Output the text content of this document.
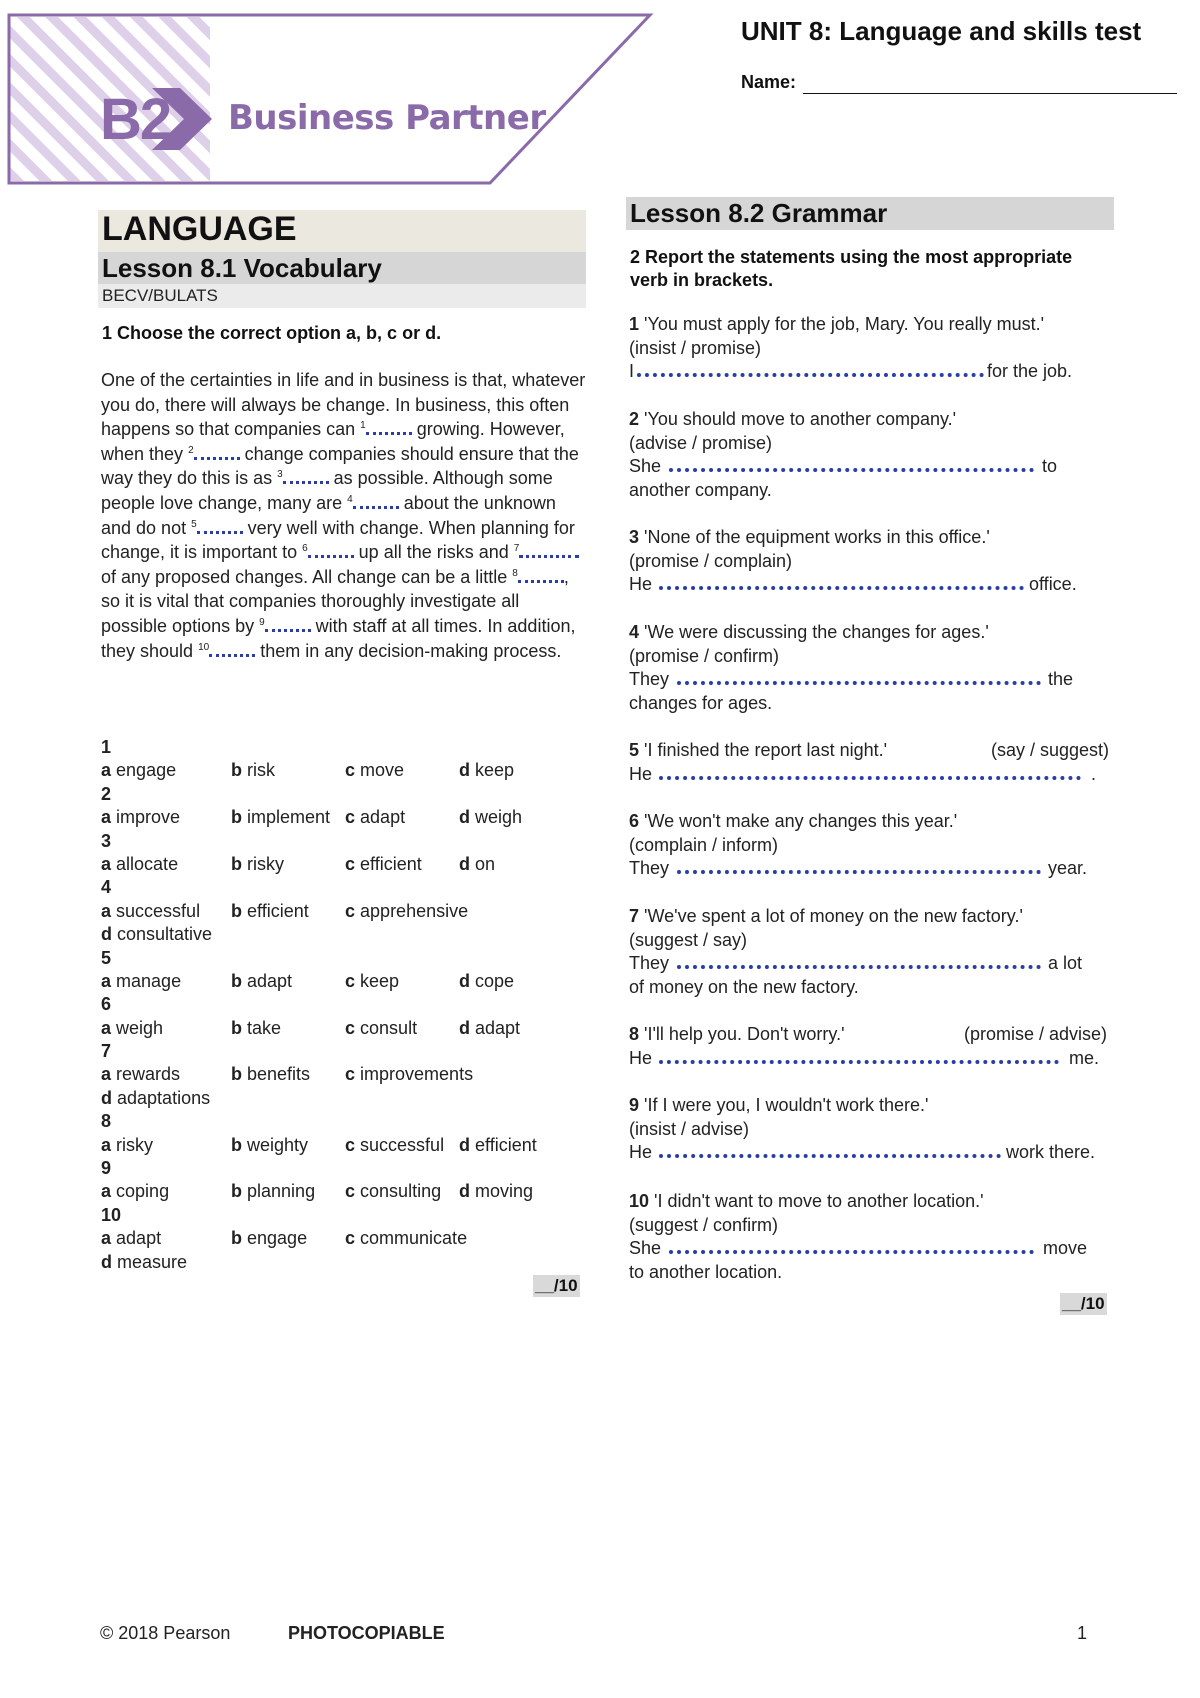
B2 Business Partner
UNIT 8: Language and skills test
Name:
LANGUAGE
Lesson 8.1 Vocabulary
BECV/BULATS
1 Choose the correct option a, b, c or d.
One of the certainties in life and in business is that, whatever you do, there will always be change. In business, this often happens so that companies can $^1$	growing. However, when they $^2$	change companies should ensure that the way they do this is as $^3$	as possible. Although some people love change, many are $^4$	about the unknown and do not $^5$	very well with change. When planning for change, it is important to $^6$	up all the risks and $^7$of any proposed changes. All change can be a little $^8$	, so it is vital that companies thoroughly investigate all possible options by $^9$	with staff at all times. In addition, they should $^{10}$	them in any decision-making process.
1
a engage	b risk	c move	d keep
2
a improve	b implement c adapt	d weigh
3
a allocate	b risky	c efficient d on
4
a successful b efficient c apprehensive
d consultative
5
a manage	b adapt	c keep	d cope
6
a weigh	b take	c consult d adapt
7
a rewards	b benefits c improvements
d adaptations
8
a risky	b weighty c successful d efficient
9
a coping	b planning c consulting d moving
10
a adapt	b engage c communicate
d measure
__/10
Lesson 8.2 Grammar
2 Report the statements using the most appropriate verb in brackets.
1 'You must apply for the job, Mary. You really must.'
(insist / promise)
I	for the job.
2 'You should move to another company.'
(advise / promise)
She	to
another company.
3 'None of the equipment works in this office.'
(promise / complain)
He	office.
4 'We were discussing the changes for ages.'
(promise / confirm)
They	the
changes for ages.
5 'I finished the report last night.'	(say / suggest)
He	.
6 'We won't make any changes this year.'
(complain / inform)
They	year.
7 'We've spent a lot of money on the new factory.'
(suggest / say)
They	a lot
of money on the new factory.
8 'I'll help you. Don't worry.'	(promise / advise)
He	me.
9 'If I were you, I wouldn't work there.'
(insist / advise)
He	work there.
10 'I didn't want to move to another location.'
(suggest / confirm)
She	move
to another location.
__/10
© 2018 Pearson	PHOTOCOPIABLE	1
